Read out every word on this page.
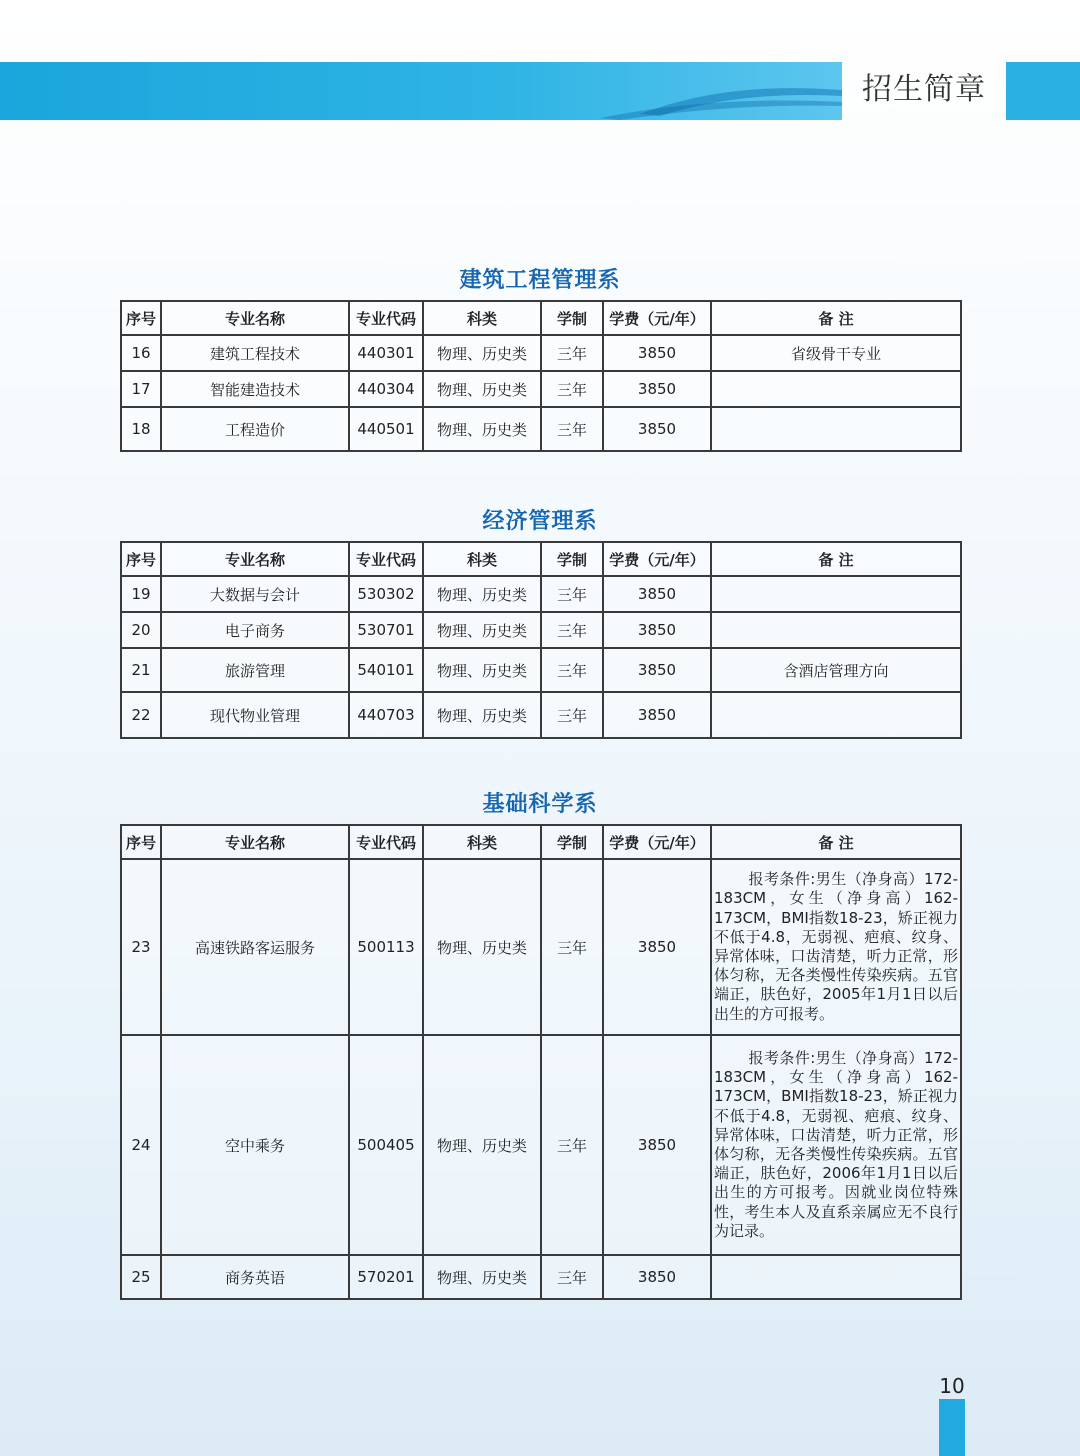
招生简章
建筑工程管理系
序号	专业名称	专业代码	科类	学制	学费（元/年）	备 注
16	建筑工程技术	440301	物理、历史类	三年	3850	省级骨干专业
17	智能建造技术	440304	物理、历史类	三年	3850	
18	工程造价	440501	物理、历史类	三年	3850	
经济管理系
序号	专业名称	专业代码	科类	学制	学费（元/年）	备 注
19	大数据与会计	530302	物理、历史类	三年	3850	
20	电子商务	530701	物理、历史类	三年	3850	
21	旅游管理	540101	物理、历史类	三年	3850	含酒店管理方向
22	现代物业管理	440703	物理、历史类	三年	3850	
基础科学系
序号	专业名称	专业代码	科类	学制	学费（元/年）	备 注
23	高速铁路客运服务	500113	物理、历史类	三年	3850	报考条件:男生（净身高）172-183CM，女生（净身高）162-173CM，BMI指数18-23，矫正视力不低于4.8，无弱视、疤痕、纹身、异常体味，口齿清楚，听力正常，形体匀称，无各类慢性传染疾病。五官端正，肤色好，2005年1月1日以后出生的方可报考。

24	空中乘务	500405	物理、历史类	三年	3850	报考条件:男生（净身高）172-183CM，女生（净身高）162-173CM，BMI指数18-23，矫正视力不低于4.8，无弱视、疤痕、纹身、异常体味，口齿清楚，听力正常，形体匀称，无各类慢性传染疾病。五官端正，肤色好，2006年1月1日以后出生的方可报考。因就业岗位特殊性，考生本人及直系亲属应无不良行为记录。

25	商务英语	570201	物理、历史类	三年	3850	
10
